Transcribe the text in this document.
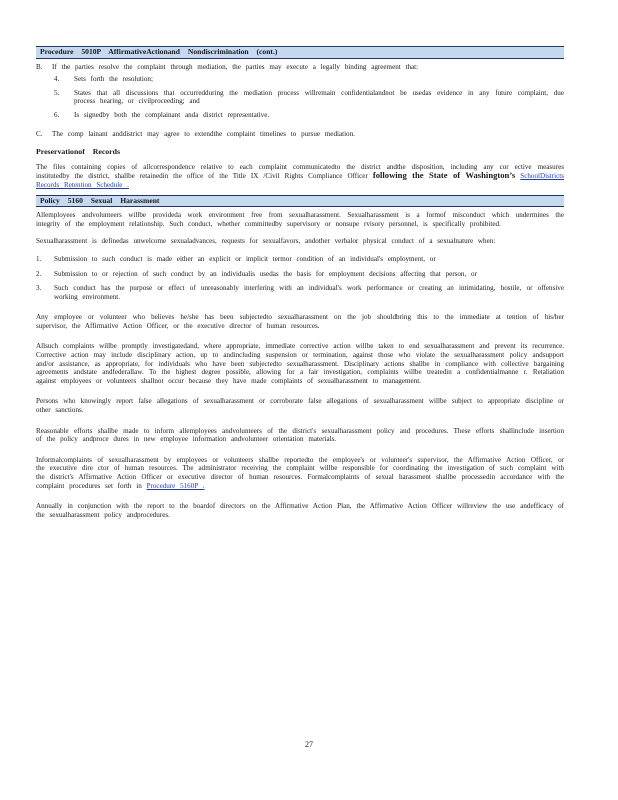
Procedure 5010P AffirmativeActionand Nondiscrimination (cont.)
B.	If the parties resolve the complaint through mediation, the parties may execute a legally binding agreement that:
4.	Sets forth the resolution;
5.	States that all discussions that occurredduring the mediation process willremain confidentialandnot be usedas evidence in any future complaint, due process hearing, or civilproceeding; and
6.	Is signedby both the complainant anda district representative.
C.	The comp lainant anddistrict may agree to extendthe complaint timelines to pursue mediation.
Preservationof Records

The files containing copies of allcorrespondence relative to each complaint communicatedto the district andthe disposition, including any cor ective measures institutedby the district, shallbe retainedin the office of the Title IX /Civil Rights Compliance Officer following the State of Washington’s SchoolDistricts Records Retention Schedule .

Policy 5160 Sexual Harassment

Allemployees andvolunteers willbe provideda work environment free from sexualharassment. Sexualharassment is a formof misconduct which undermines the integrity of the employment relationship. Such conduct, whether committedby supervisory or nonsupe rvisory personnel, is specifically prohibited.

Sexualharassment is definedas unwelcome sexualadvances, requests for sexualfavors, andother verbalor physical conduct of a sexualnature when:

1.	Submission to such conduct is made either an explicit or implicit termor condition of an individual's employment, or
2.	Submission to or rejection of such conduct by an individualis usedas the basis for employment decisions affecting that person, or
3.	Such conduct has the purpose or effect of unreasonably interfering with an individual's work performance or creating an intimidating, hostile, or offensive working environment.

Any employee or volunteer who believes he/she has been subjectedto sexualharassment on the job shouldbring this to the immediate at tention of his/her supervisor, the Affirmative Action Officer, or the executive director of human resources.

Allsuch complaints willbe promptly investigatedand, where appropriate, immediate corrective action willbe taken to end sexualharassment and prevent its recurrence. Corrective action may include disciplinary action, up to andincluding suspension or termination, against those who violate the sexualharassment policy andsupport and/or assistance, as appropriate, for individuals who have been subjectedto sexualharassment. Disciplinary actions shallbe in compliance with collective bargaining agreements andstate andfederallaw. To the highest degree possible, allowing for a fair investigation, complaints willbe treatedin a confidentialmanne r. Retaliation against employees or volunteers shallnot occur because they have made complaints of sexualharassment to management.

Persons who knowingly report false allegations of sexualharassment or corroborate false allegations of sexualharassment willbe subject to appropriate discipline or other sanctions.

Reasonable efforts shallbe made to inform allemployees andvolunteers of the district's sexualharassment policy and procedures. These efforts shallinclude insertion of the policy andproce dures in new employee information andvolunteer orientation materials.

Informalcomplaints of sexualharassment by employees or volunteers shallbe reportedto the employee's or volunteer's supervisor, the Affirmative Action Officer, or the executive dire ctor of human resources. The administrator receiving the complaint willbe responsible for coordinating the investigation of such complaint with the district's Affirmative Action Officer or executive director of human resources. Formalcomplaints of sexual harassment shallbe processedin accordance with the complaint procedures set forth in Procedure 5160P .

Annually in conjunction with the report to the boardof directors on the Affirmative Action Plan, the Affirmative Action Officer willreview the use andefficacy of the sexualharassment policy andprocedures.

27
